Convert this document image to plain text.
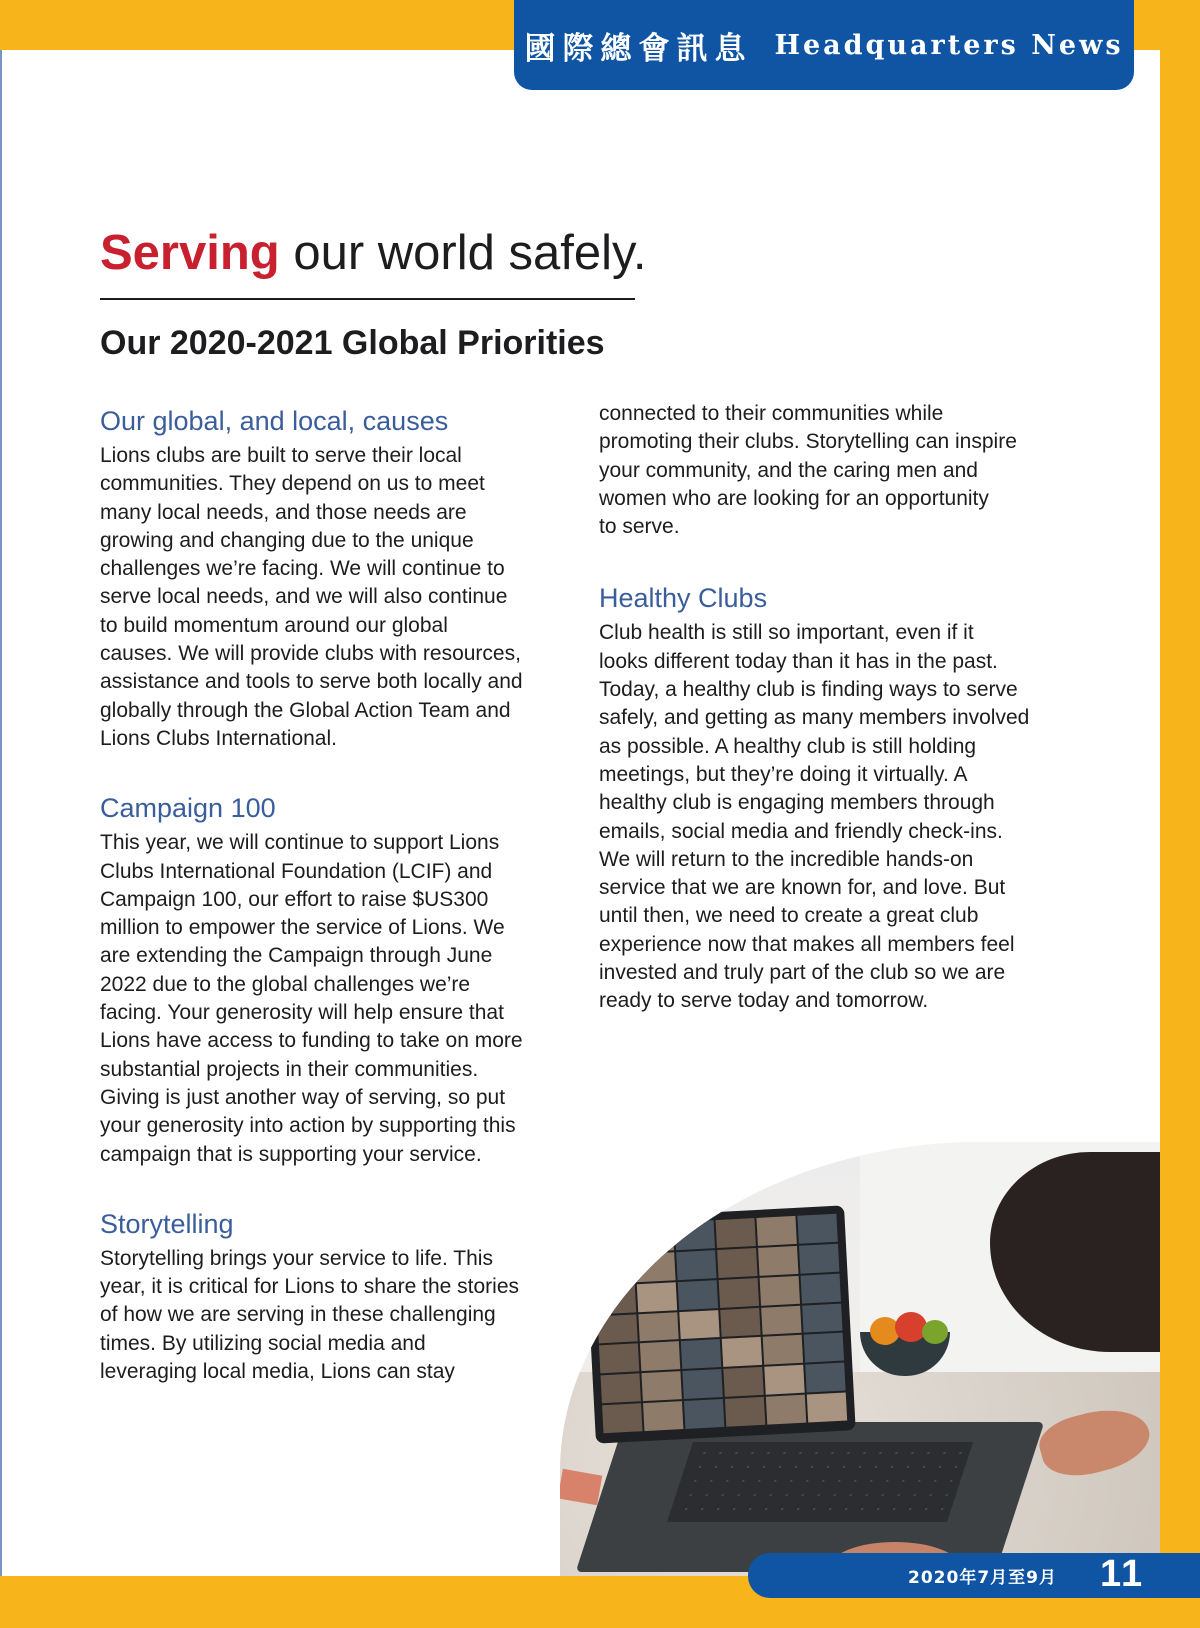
國際總會訊息 Headquarters News
Serving our world safely.
Our 2020-2021 Global Priorities
Our global, and local, causes
Lions clubs are built to serve their local
communities. They depend on us to meet
many local needs, and those needs are
growing and changing due to the unique
challenges we’re facing. We will continue to
serve local needs, and we will also continue
to build momentum around our global
causes. We will provide clubs with resources,
assistance and tools to serve both locally and
globally through the Global Action Team and
Lions Clubs International.
Campaign 100
This year, we will continue to support Lions
Clubs International Foundation (LCIF) and
Campaign 100, our effort to raise $US300
million to empower the service of Lions. We
are extending the Campaign through June
2022 due to the global challenges we’re
facing. Your generosity will help ensure that
Lions have access to funding to take on more
substantial projects in their communities.
Giving is just another way of serving, so put
your generosity into action by supporting this
campaign that is supporting your service.
Storytelling
Storytelling brings your service to life. This
year, it is critical for Lions to share the stories
of how we are serving in these challenging
times. By utilizing social media and
leveraging local media, Lions can stay
connected to their communities while
promoting their clubs. Storytelling can inspire
your community, and the caring men and
women who are looking for an opportunity
to serve.
Healthy Clubs
Club health is still so important, even if it
looks different today than it has in the past.
Today, a healthy club is finding ways to serve
safely, and getting as many members involved
as possible. A healthy club is still holding
meetings, but they’re doing it virtually. A
healthy club is engaging members through
emails, social media and friendly check-ins.
We will return to the incredible hands-on
service that we are known for, and love. But
until then, we need to create a great club
experience now that makes all members feel
invested and truly part of the club so we are
ready to serve today and tomorrow.
2020年7月至9月 11
